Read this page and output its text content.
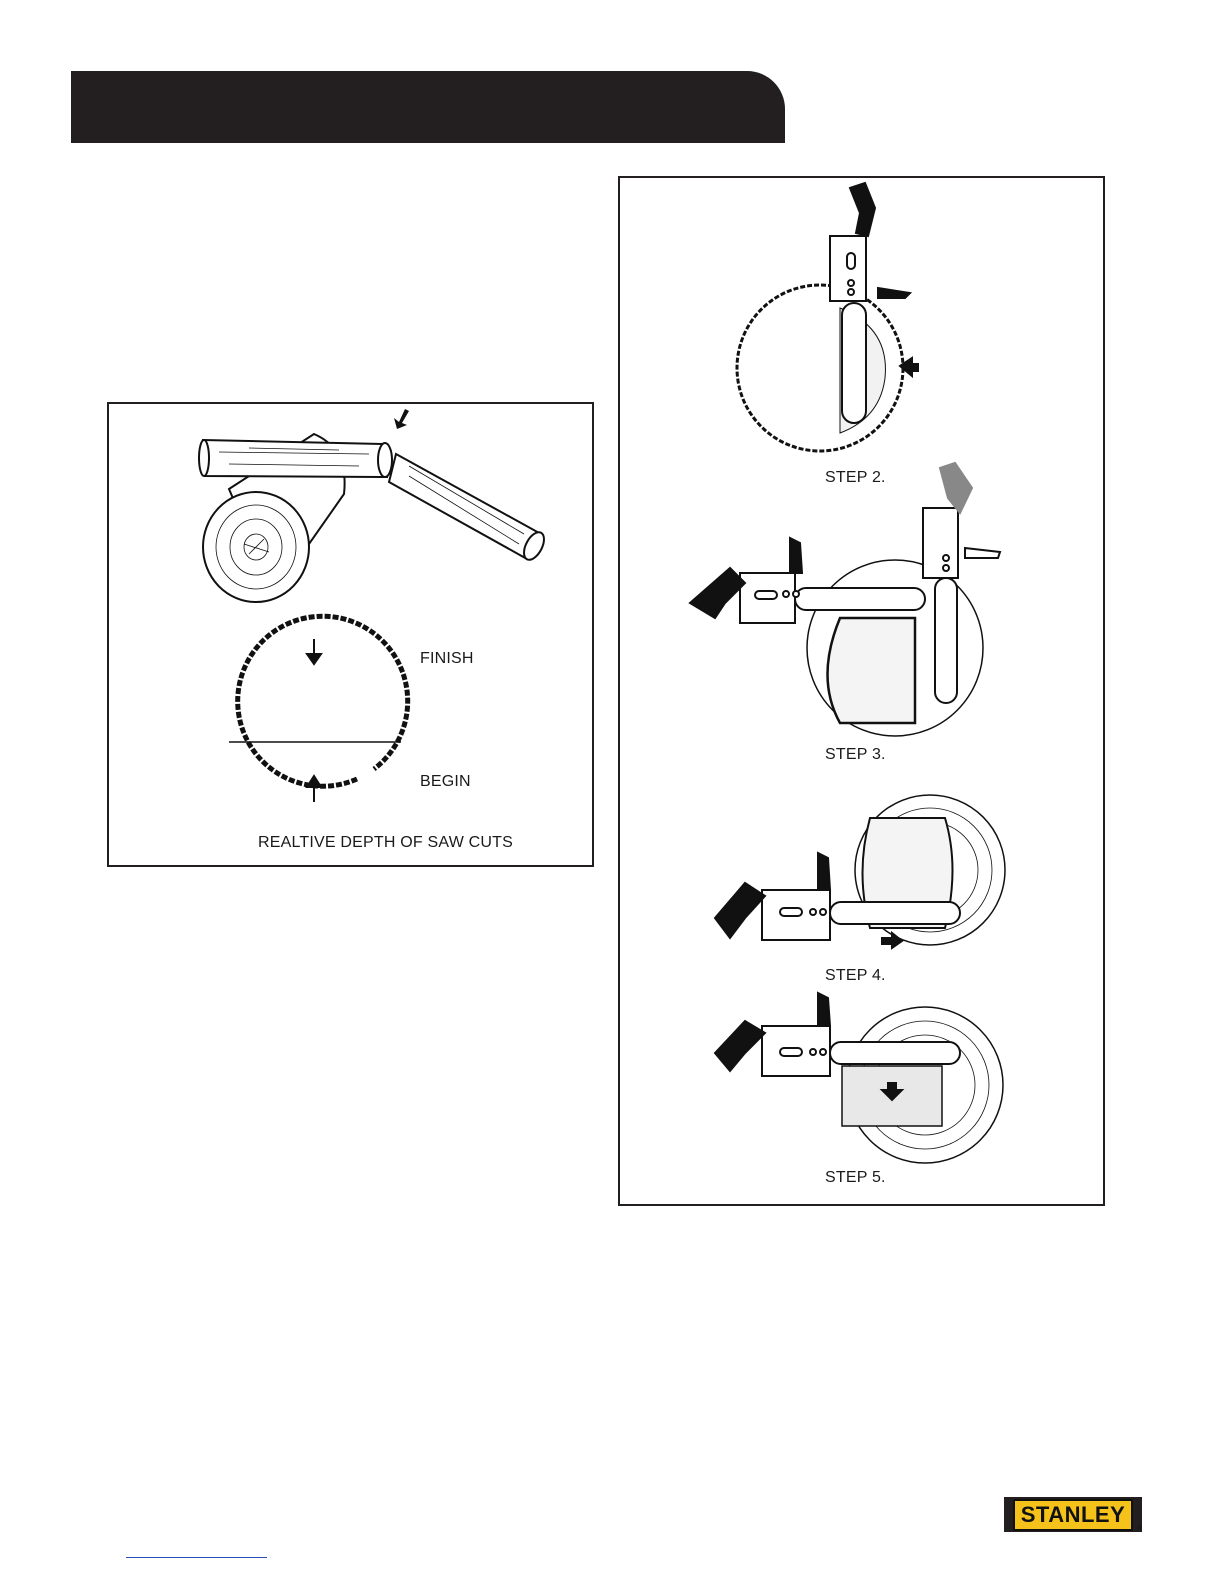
FINISH
BEGIN
REALTIVE DEPTH OF SAW CUTS
STEP 2.
STEP 3.
STEP 4.
STEP 5.
STANLEY
®
